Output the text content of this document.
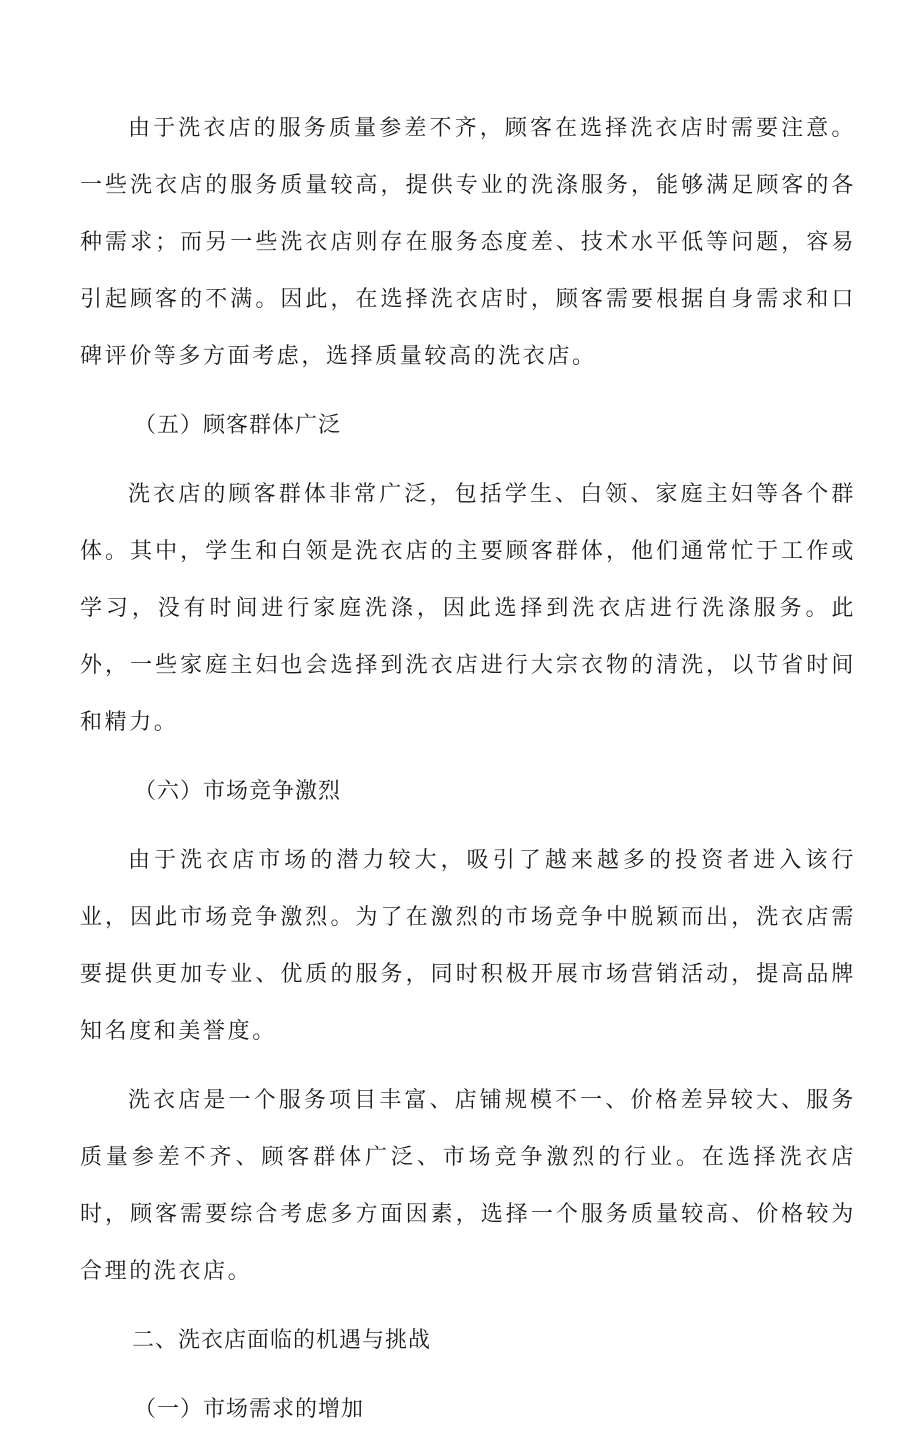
由于洗衣店的服务质量参差不齐，顾客在选择洗衣店时需要注意。一些洗衣店的服务质量较高，提供专业的洗涤服务，能够满足顾客的各种需求；而另一些洗衣店则存在服务态度差、技术水平低等问题，容易引起顾客的不满。因此，在选择洗衣店时，顾客需要根据自身需求和口碑评价等多方面考虑，选择质量较高的洗衣店。

（五）顾客群体广泛

洗衣店的顾客群体非常广泛，包括学生、白领、家庭主妇等各个群体。其中，学生和白领是洗衣店的主要顾客群体，他们通常忙于工作或学习，没有时间进行家庭洗涤，因此选择到洗衣店进行洗涤服务。此外，一些家庭主妇也会选择到洗衣店进行大宗衣物的清洗，以节省时间和精力。

（六）市场竞争激烈

由于洗衣店市场的潜力较大，吸引了越来越多的投资者进入该行业，因此市场竞争激烈。为了在激烈的市场竞争中脱颖而出，洗衣店需要提供更加专业、优质的服务，同时积极开展市场营销活动，提高品牌知名度和美誉度。

洗衣店是一个服务项目丰富、店铺规模不一、价格差异较大、服务质量参差不齐、顾客群体广泛、市场竞争激烈的行业。在选择洗衣店时，顾客需要综合考虑多方面因素，选择一个服务质量较高、价格较为合理的洗衣店。

二、洗衣店面临的机遇与挑战

（一）市场需求的增加
